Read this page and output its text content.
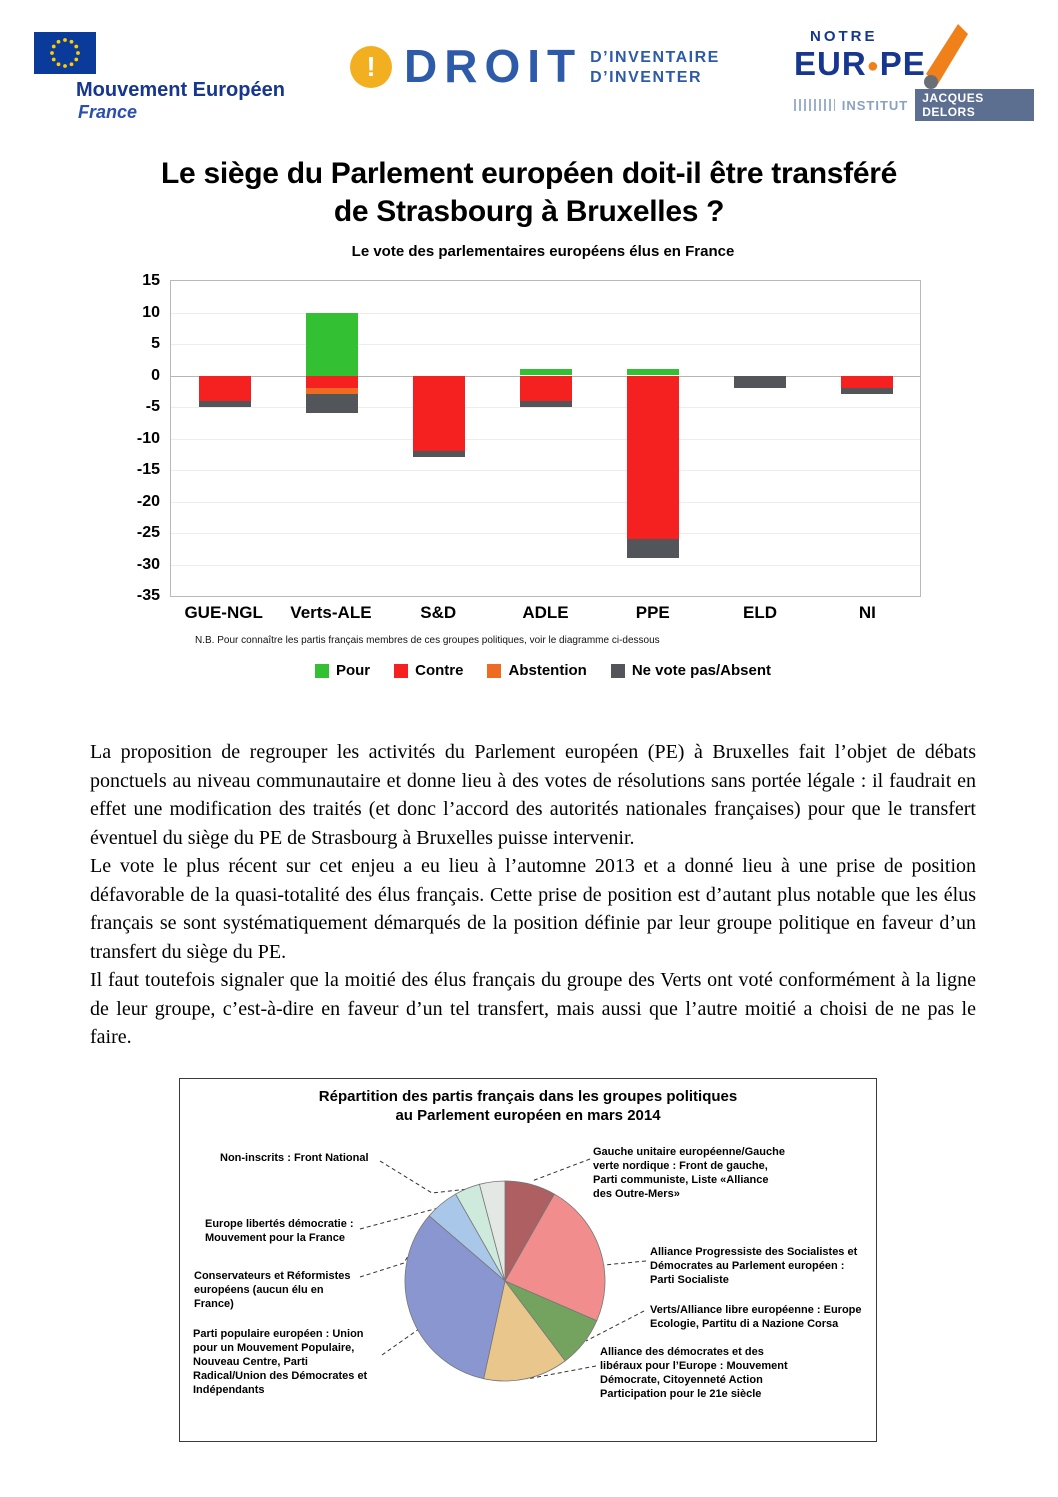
Mouvement Européen
France
! DROIT D’INVENTAIRE
D’INVENTER
NOTRE
EUR●PE
INSTITUT	JACQUES DELORS
Le siège du Parlement européen doit-il être transféré
de Strasbourg à Bruxelles ?
Le vote des parlementaires européens élus en France
15
10
5
0
-5
-10
-15
-20
-25
-30
-35
GUE-NGL	Verts-ALE	S&D	ADLE	PPE	ELD	NI
N.B. Pour connaître les partis français membres de ces groupes politiques, voir le diagramme ci-dessous
Pour	Contre	Abstention	Ne vote pas/Absent

La proposition de regrouper les activités du Parlement européen (PE) à Bruxelles fait l’objet de débats ponctuels au niveau communautaire et donne lieu à des votes de résolutions sans portée légale : il faudrait en effet une modification des traités (et donc l’accord des autorités nationales françaises) pour que le transfert éventuel du siège du PE de Strasbourg à Bruxelles puisse intervenir.

Le vote le plus récent sur cet enjeu a eu lieu à l’automne 2013 et a donné lieu à une prise de position défavorable de la quasi-totalité des élus français. Cette prise de position est d’autant plus notable que les élus français se sont systématiquement démarqués de la position définie par leur groupe politique en faveur d’un transfert du siège du PE.

Il faut toutefois signaler que la moitié des élus français du groupe des Verts ont voté conformément à la ligne de leur groupe, c’est-à-dire en faveur d’un tel transfert, mais aussi que l’autre moitié a choisi de ne pas le faire.

Répartition des partis français dans les groupes politiques
au Parlement européen en mars 2014
Non-inscrits : Front National
Europe libertés démocratie : Mouvement pour la France
Conservateurs et Réformistes européens (aucun élu en France)
Parti populaire européen : Union pour un Mouvement Populaire, Nouveau Centre, Parti Radical/Union des Démocrates et Indépendants
Gauche unitaire européenne/Gauche verte nordique : Front de gauche, Parti communiste, Liste «Alliance des Outre-Mers»
Alliance Progressiste des Socialistes et Démocrates au Parlement européen : Parti Socialiste
Verts/Alliance libre européenne : Europe Ecologie, Partitu di a Nazione Corsa
Alliance des démocrates et des libéraux pour l’Europe : Mouvement Démocrate, Citoyenneté Action Participation pour le 21e siècle
